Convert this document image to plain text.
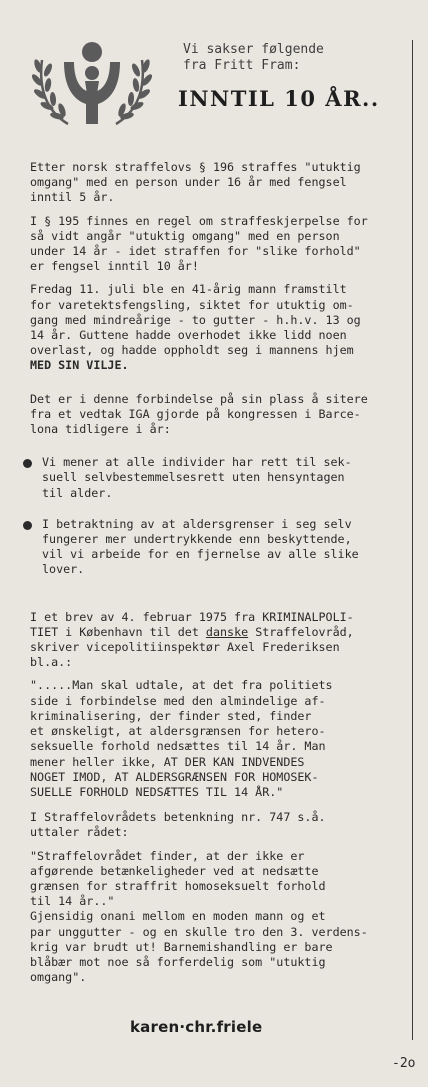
Vi sakser følgende
fra Fritt Fram:

INNTIL 10 ÅR..

Etter norsk straffelovs § 196 straffes "utuktig
omgang" med en person under 16 år med fengsel
inntil 5 år.

I § 195 finnes en regel om straffeskjerpelse for
så vidt angår "utuktig omgang" med en person
under 14 år - idet straffen for "slike forhold"
er fengsel inntil 10 år!

Fredag 11. juli ble en 41-årig mann framstilt
for varetektsfengsling, siktet for utuktig om-
gang med mindreårige - to gutter - h.h.v. 13 og
14 år. Guttene hadde overhodet ikke lidd noen
overlast, og hadde oppholdt seg i mannens hjem
MED SIN VILJE.

Det er i denne forbindelse på sin plass å sitere
fra et vedtak IGA gjorde på kongressen i Barce-
lona tidligere i år:

Vi mener at alle individer har rett til sek-
suell selvbestemmelsesrett uten hensyntagen
til alder.

I betraktning av at aldersgrenser i seg selv
fungerer mer undertrykkende enn beskyttende,
vil vi arbeide for en fjernelse av alle slike
lover.

I et brev av 4. februar 1975 fra KRIMINALPOLI-
TIET i København til det danske Straffelovråd,
skriver vicepolitiinspektør Axel Frederiksen
bl.a.:

".....Man skal udtale, at det fra politiets
side i forbindelse med den almindelige af-
kriminalisering, der finder sted, finder
et ønskeligt, at aldersgrænsen for hetero-
seksuelle forhold nedsættes til 14 år. Man
mener heller ikke, AT DER KAN INDVENDES
NOGET IMOD, AT ALDERSGRÆNSEN FOR HOMOSEK-
SUELLE FORHOLD NEDSÆTTES TIL 14 ÅR."

I Straffelovrådets betenkning nr. 747 s.å.
uttaler rådet:

"Straffelovrådet finder, at der ikke er
afgørende betænkeligheder ved at nedsætte
grænsen for straffrit homoseksuelt forhold
til 14 år.."
Gjensidig onani mellom en moden mann og et
par unggutter - og en skulle tro den 3. verdens-
krig var brudt ut! Barnemishandling er bare
blåbær mot noe så forferdelig som "utuktig
omgang".

karen·chr.friele
-2o
